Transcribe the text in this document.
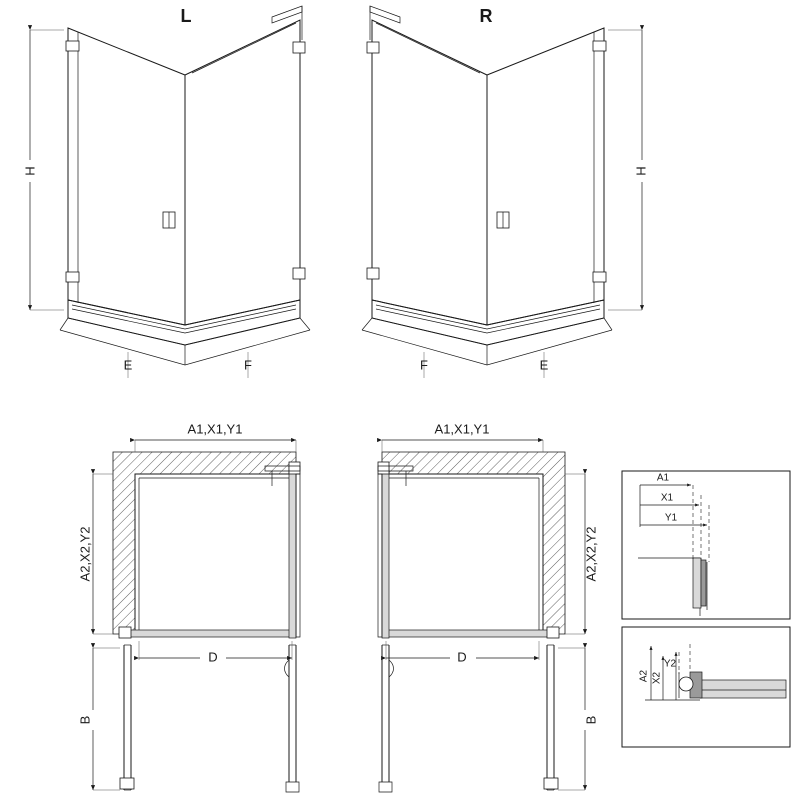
L
H
E	F
R
H
F	E
A1,X1,Y1
A2,X2,Y2
D
B
A1,X1,Y1
A2,X2,Y2
D
B
A1
X1
Y1
A2 X2
Y2
